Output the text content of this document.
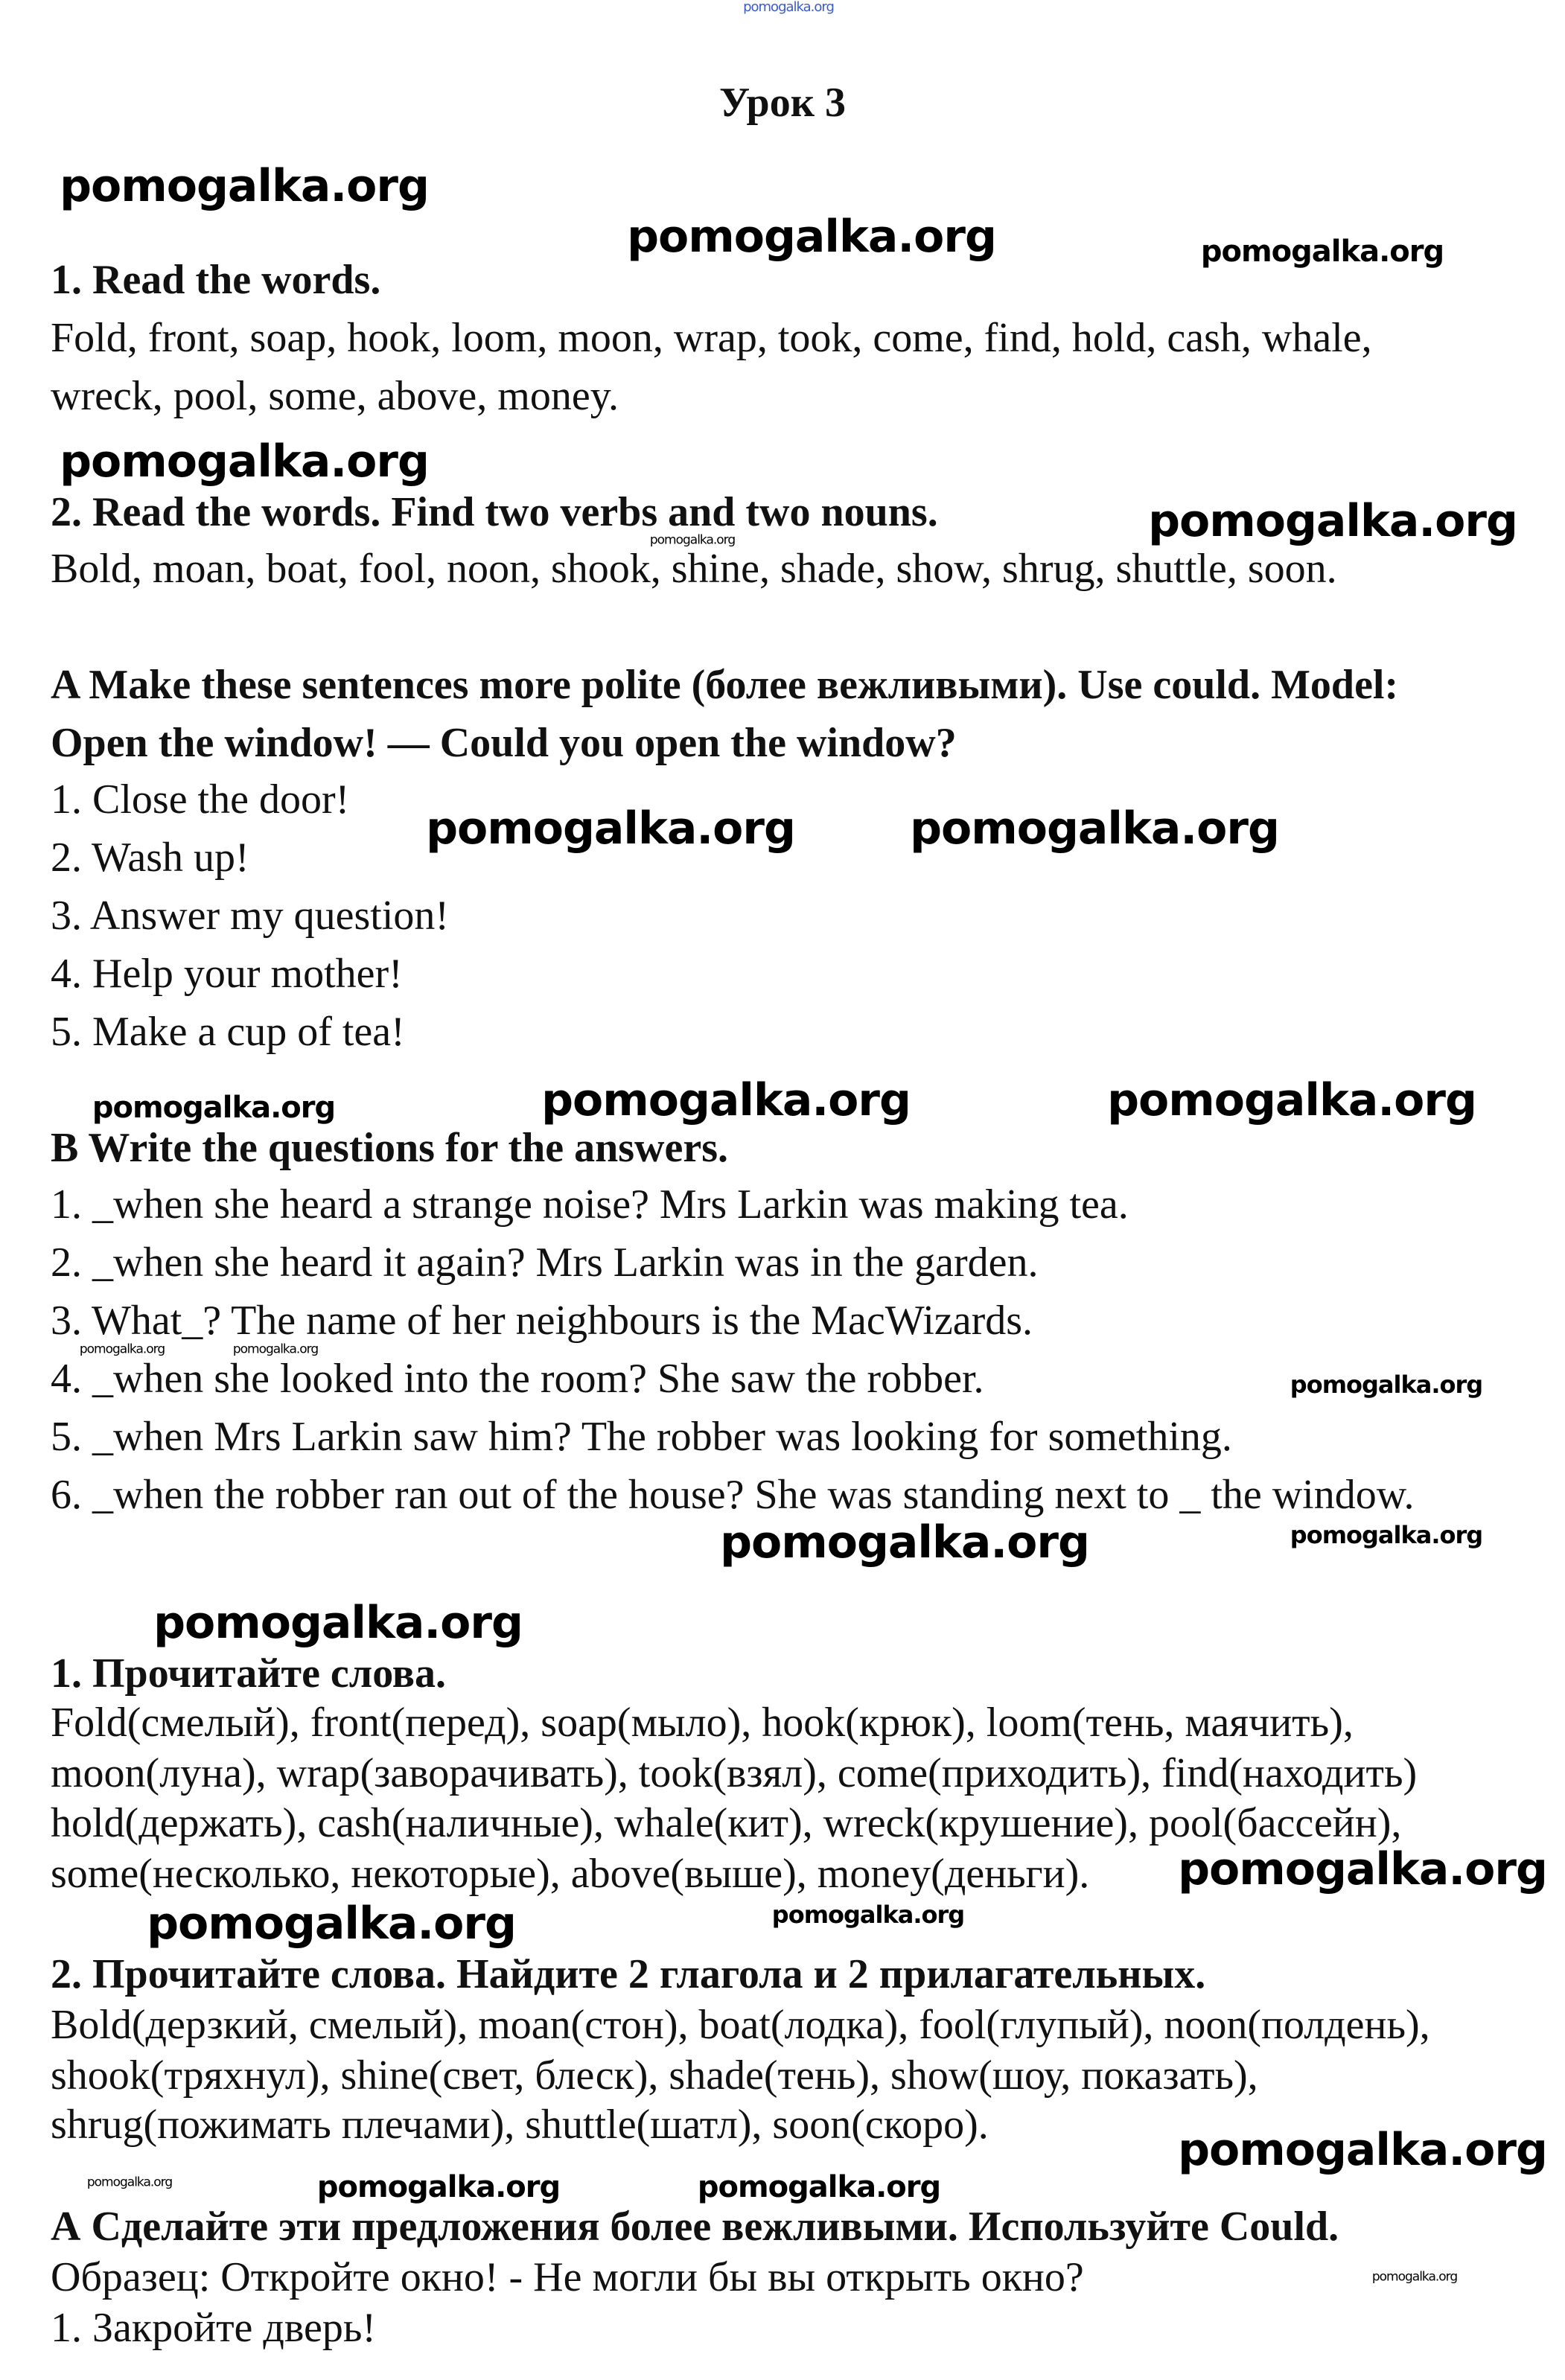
pomogalka.org
Урок 3
1. Read the words.
Fold, front, soap, hook, loom, moon, wrap, took, come, find, hold, cash, whale,
wreck, pool, some, above, money.
2. Read the words. Find two verbs and two nouns.
Bold, moan, boat, fool, noon, shook, shine, shade, show, shrug, shuttle, soon.
A Make these sentences more polite (более вежливыми). Use could. Model:
Open the window! — Could you open the window?
1. Close the door!
2. Wash up!
3. Answer my question!
4. Help your mother!
5. Make a cup of tea!
B Write the questions for the answers.
1. _when she heard a strange noise? Mrs Larkin was making tea.
2. _when she heard it again? Mrs Larkin was in the garden.
3. What_? The name of her neighbours is the MacWizards.
4. _when she looked into the room? She saw the robber.
5. _when Mrs Larkin saw him? The robber was looking for something.
6. _when the robber ran out of the house? She was standing next to _ the window.
1. Прочитайте слова.
Fold(смелый), front(перед), soap(мыло), hook(крюк), loom(тень, маячить),
moon(луна), wrap(заворачивать), took(взял), come(приходить), find(находить)
hold(держать), cash(наличные), whale(кит), wreck(крушение), pool(бассейн),
some(несколько, некоторые), above(выше), money(деньги).
2. Прочитайте слова. Найдите 2 глагола и 2 прилагательных.
Bold(дерзкий, смелый), moan(стон), boat(лодка), fool(глупый), noon(полдень),
shook(тряхнул), shine(свет, блеск), shade(тень), show(шоу, показать),
shrug(пожимать плечами), shuttle(шатл), soon(скоро).
А Сделайте эти предложения более вежливыми. Используйте Could.
Образец: Откройте окно! - Не могли бы вы открыть окно?
1. Закройте дверь!
pomogalka.org
pomogalka.org	pomogalka.org
pomogalka.org
pomogalka.org
pomogalka.org
pomogalka.org	pomogalka.org
pomogalka.org	pomogalka.org	pomogalka.org
pomogalka.org	pomogalka.org
pomogalka.org
pomogalka.org	pomogalka.org
pomogalka.org
pomogalka.org
pomogalka.org	pomogalka.org
pomogalka.org
pomogalka.org	pomogalka.org	pomogalka.org
pomogalka.org
